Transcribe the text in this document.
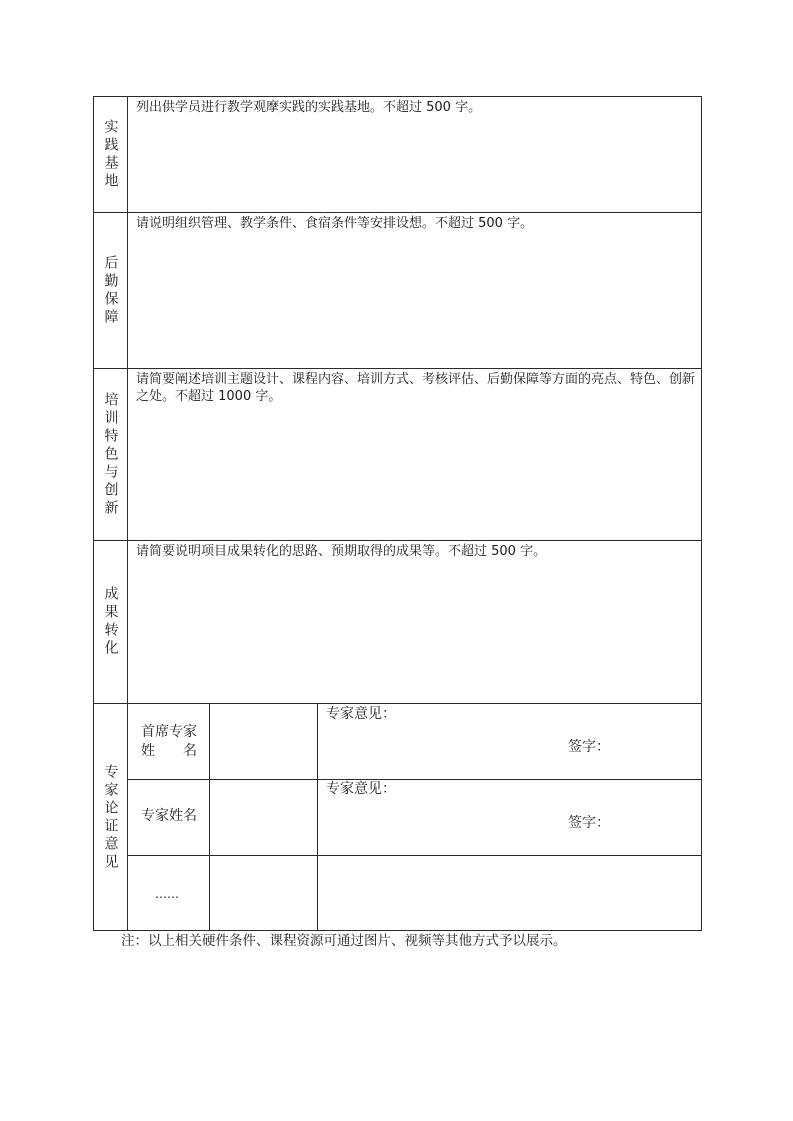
实践基地
列出供学员进行教学观摩实践的实践基地。不超过 500 字。
后勤保障
请说明组织管理、教学条件、食宿条件等安排设想。不超过 500 字。
培训特色与创新
请简要阐述培训主题设计、课程内容、培训方式、考核评估、后勤保障等方面的亮点、特色、创新之处。不超过 1000 字。
成果转化
请简要说明项目成果转化的思路、预期取得的成果等。不超过 500 字。
专家论证意见
首席专家
姓　　名
专家意见：
签字：
专家姓名
专家意见：
签字：
……
注：以上相关硬件条件、课程资源可通过图片、视频等其他方式予以展示。
